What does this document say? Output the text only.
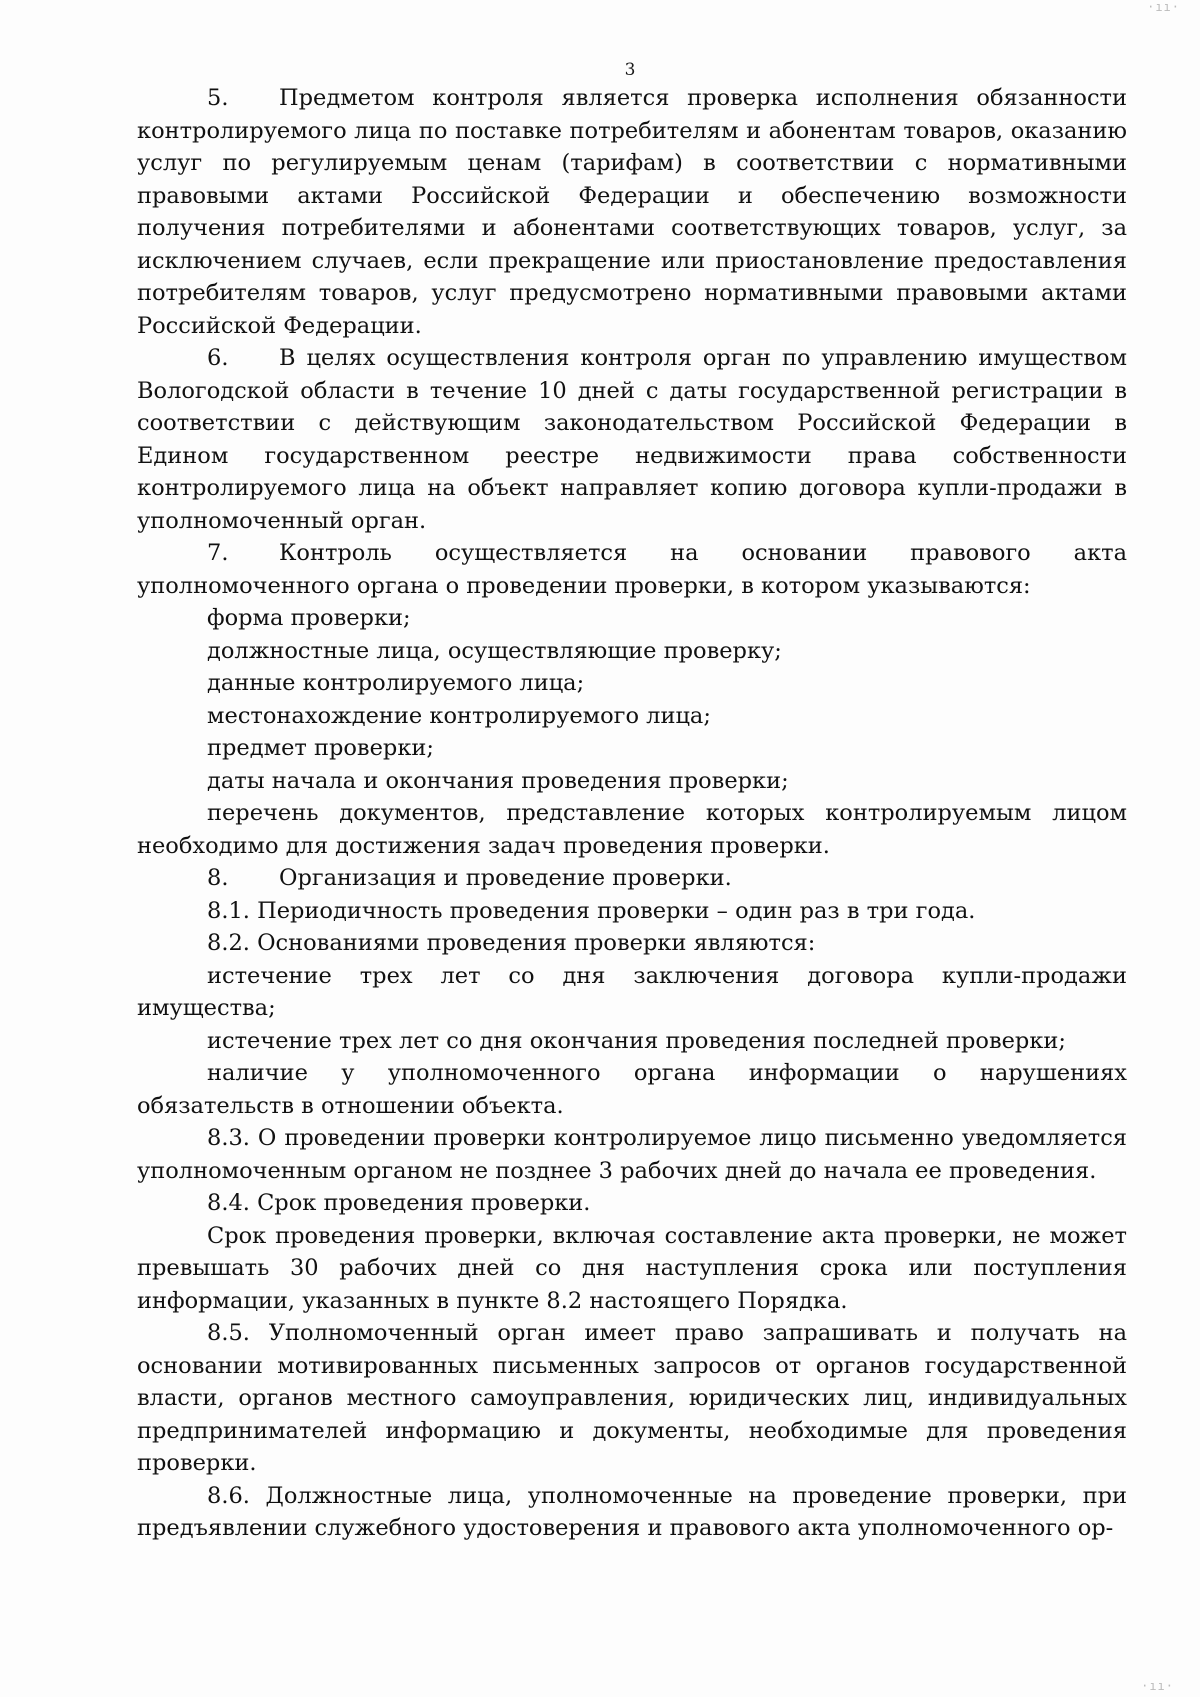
3

5. Предметом контроля является проверка исполнения обязанности контролируемого лица по поставке потребителям и абонентам товаров, оказанию услуг по регулируемым ценам (тарифам) в соответствии с нормативными правовыми актами Российской Федерации и обеспечению возможности получения потребителями и абонентами соответствующих товаров, услуг, за исключением случаев, если прекращение или приостановление предоставления потребителям товаров, услуг предусмотрено нормативными правовыми актами Российской Федерации.

6. В целях осуществления контроля орган по управлению имуществом Вологодской области в течение 10 дней с даты государственной регистрации в соответствии с действующим законодательством Российской Федерации в Едином государственном реестре недвижимости права собственности контролируемого лица на объект направляет копию договора купли-продажи в уполномоченный орган.

7. Контроль осуществляется на основании правового акта уполномоченного органа о проведении проверки, в котором указываются:

форма проверки;

должностные лица, осуществляющие проверку;

данные контролируемого лица;

местонахождение контролируемого лица;

предмет проверки;

даты начала и окончания проведения проверки;

перечень документов, представление которых контролируемым лицом необходимо для достижения задач проведения проверки.

8. Организация и проведение проверки.

8.1. Периодичность проведения проверки – один раз в три года.

8.2. Основаниями проведения проверки являются:

истечение трех лет со дня заключения договора купли-продажи имущества;

истечение трех лет со дня окончания проведения последней проверки;

наличие у уполномоченного органа информации о нарушениях обязательств в отношении объекта.

8.3. О проведении проверки контролируемое лицо письменно уведомляется уполномоченным органом не позднее 3 рабочих дней до начала ее проведения.

8.4. Срок проведения проверки.

Срок проведения проверки, включая составление акта проверки, не может превышать 30 рабочих дней со дня наступления срока или поступления информации, указанных в пункте 8.2 настоящего Порядка.

8.5. Уполномоченный орган имеет право запрашивать и получать на основании мотивированных письменных запросов от органов государственной власти, органов местного самоуправления, юридических лиц, индивидуальных предпринимателей информацию и документы, необходимые для проведения проверки.

8.6. Должностные лица, уполномоченные на проведение проверки, при предъявлении служебного удостоверения и правового акта уполномоченного ор-

·ıı·
·ıı·
